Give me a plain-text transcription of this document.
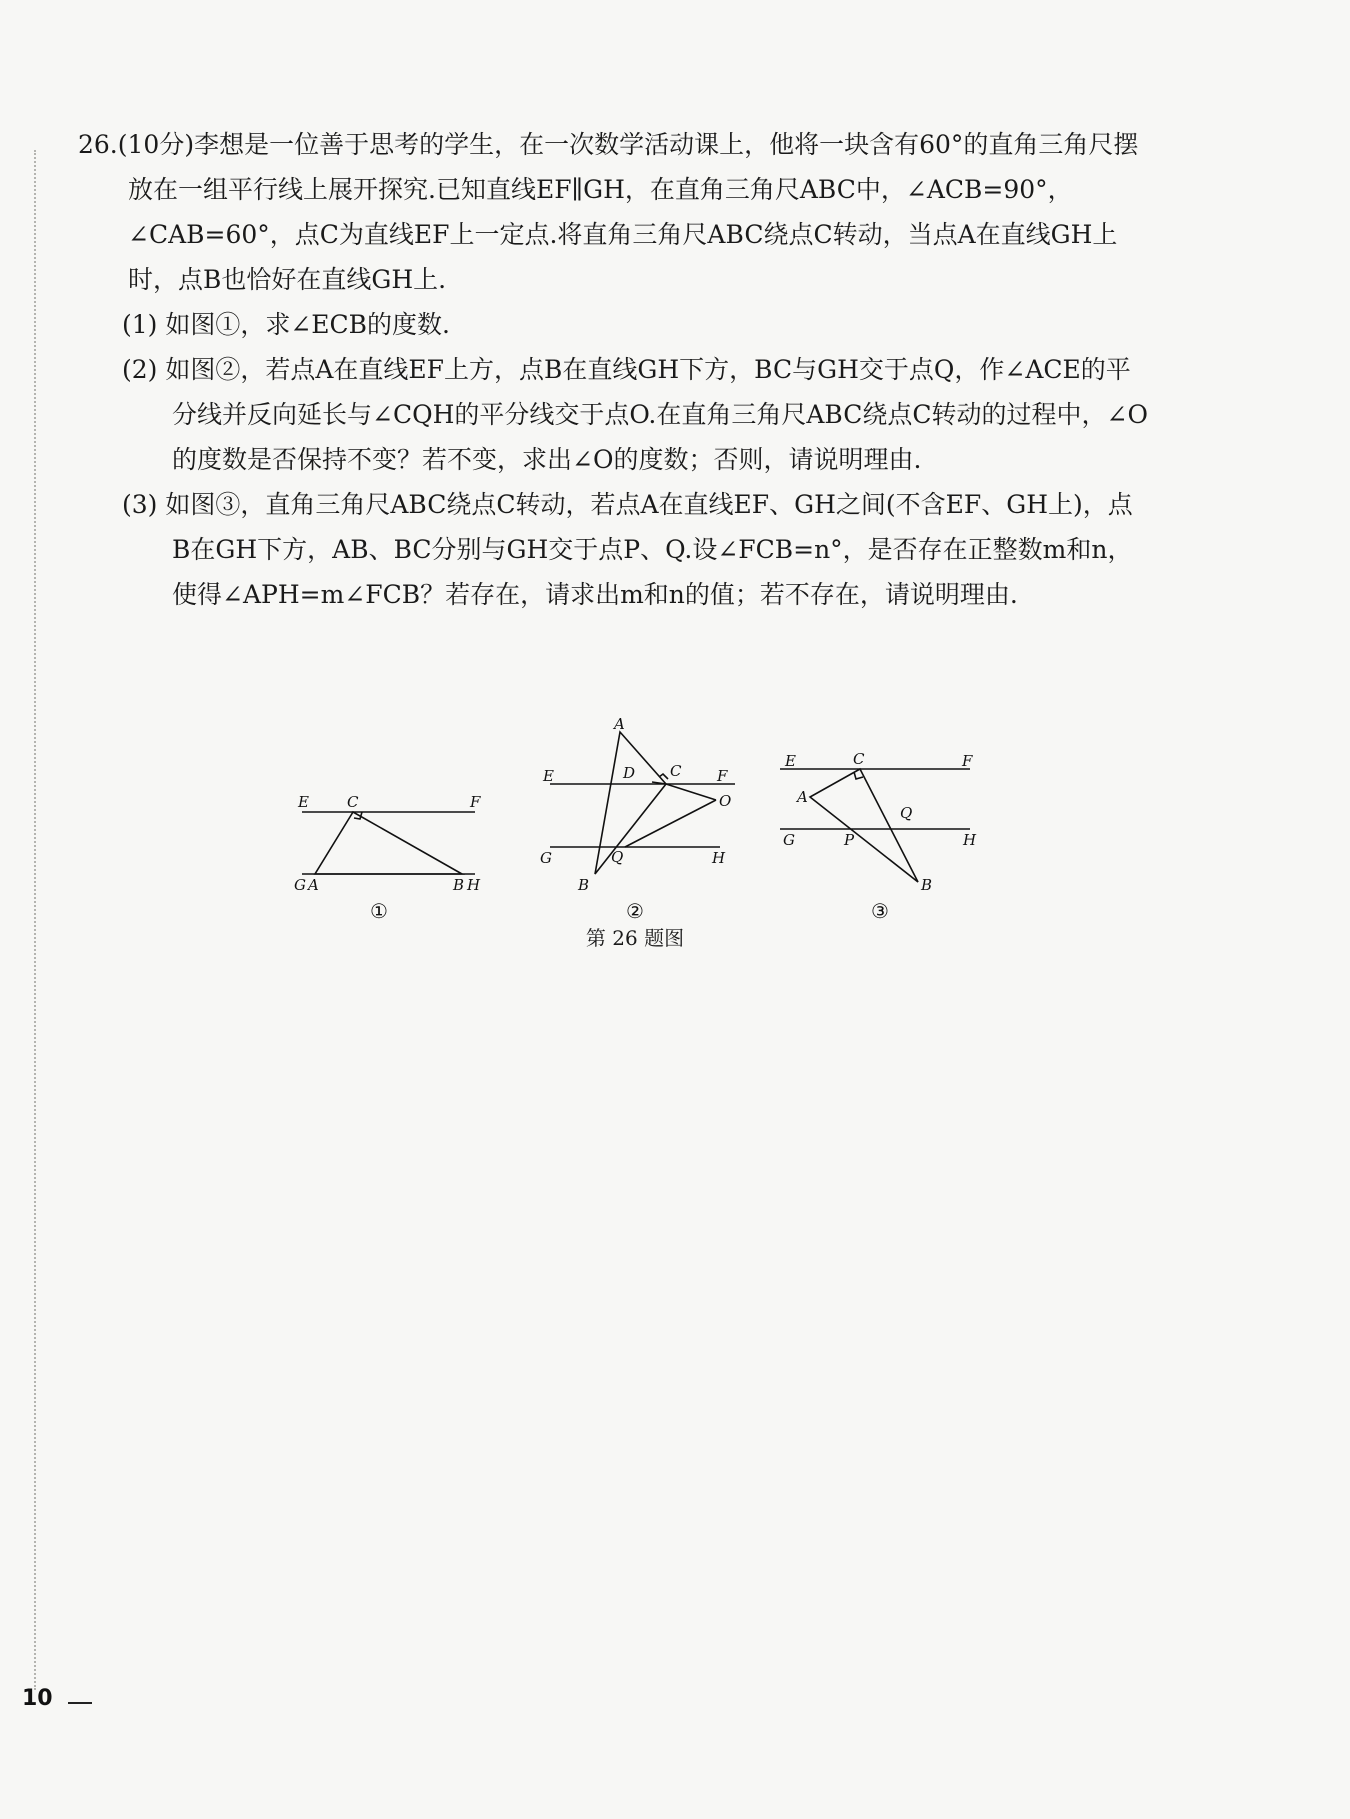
26.(10分)李想是一位善于思考的学生，在一次数学活动课上，他将一块含有60°的直角三角尺摆放在一组平行线上展开探究.已知直线EF∥GH，在直角三角尺ABC中，∠ACB=90°，∠CAB=60°，点C为直线EF上一定点.将直角三角尺ABC绕点C转动，当点A在直线GH上时，点B也恰好在直线GH上.

(1) 如图①，求∠ECB的度数.

(2) 如图②，若点A在直线EF上方，点B在直线GH下方，BC与GH交于点Q，作∠ACE的平分线并反向延长与∠CQH的平分线交于点O.在直角三角尺ABC绕点C转动的过程中，∠O的度数是否保持不变？若不变，求出∠O的度数；否则，请说明理由.

(3) 如图③，直角三角尺ABC绕点C转动，若点A在直线EF、GH之间(不含EF、GH上)，点B在GH下方，AB、BC分别与GH交于点P、Q.设∠FCB=n°，是否存在正整数m和n，使得∠APH=m∠FCB？若存在，请求出m和n的值；若不存在，请说明理由.

E	C	F
G A	B H
①
A
D C
E	F
O
G	Q	H
B
②
E	C	F
A
Q
G	P	H
B
③
第 26 题图
10
